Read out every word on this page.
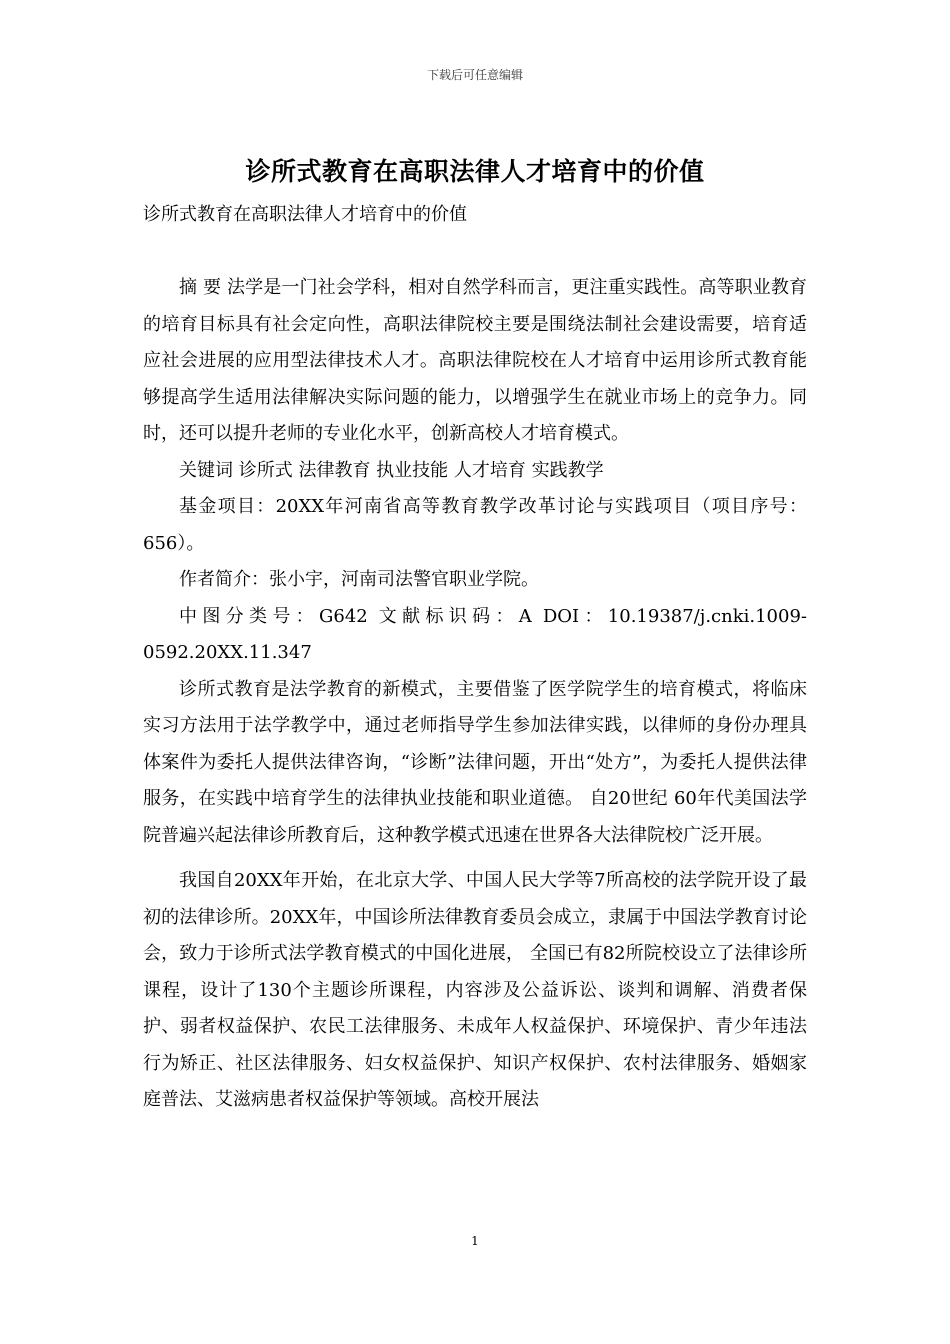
下载后可任意编辑
诊所式教育在高职法律人才培育中的价值
诊所式教育在高职法律人才培育中的价值

摘 要 法学是一门社会学科，相对自然学科而言，更注重实践性。高等职业教育的培育目标具有社会定向性，高职法律院校主要是围绕法制社会建设需要，培育适应社会进展的应用型法律技术人才。高职法律院校在人才培育中运用诊所式教育能够提高学生适用法律解决实际问题的能力，以增强学生在就业市场上的竞争力。同时，还可以提升老师的专业化水平，创新高校人才培育模式。

关键词 诊所式 法律教育 执业技能 人才培育 实践教学

基金项目：20XX年河南省高等教育教学改革讨论与实践项目（项目序号：656）。

作者简介：张小宇，河南司法警官职业学院。

中图分类号：G642 文献标识码：A DOI：10.19387/j.cnki.1009-0592.20XX.11.347

诊所式教育是法学教育的新模式，主要借鉴了医学院学生的培育模式，将临床实习方法用于法学教学中，通过老师指导学生参加法律实践，以律师的身份办理具体案件为委托人提供法律咨询，“诊断”法律问题，开出“处方”，为委托人提供法律服务，在实践中培育学生的法律执业技能和职业道德。 自20世纪 60年代美国法学院普遍兴起法律诊所教育后，这种教学模式迅速在世界各大法律院校广泛开展。

我国自20XX年开始，在北京大学、中国人民大学等7所高校的法学院开设了最初的法律诊所。20XX年，中国诊所法律教育委员会成立，隶属于中国法学教育讨论会，致力于诊所式法学教育模式的中国化进展， 全国已有82所院校设立了法律诊所课程，设计了130个主题诊所课程，内容涉及公益诉讼、谈判和调解、消费者保护、弱者权益保护、农民工法律服务、未成年人权益保护、环境保护、青少年违法行为矫正、社区法律服务、妇女权益保护、知识产权保护、农村法律服务、婚姻家庭普法、艾滋病患者权益保护等领域。高校开展法

1
